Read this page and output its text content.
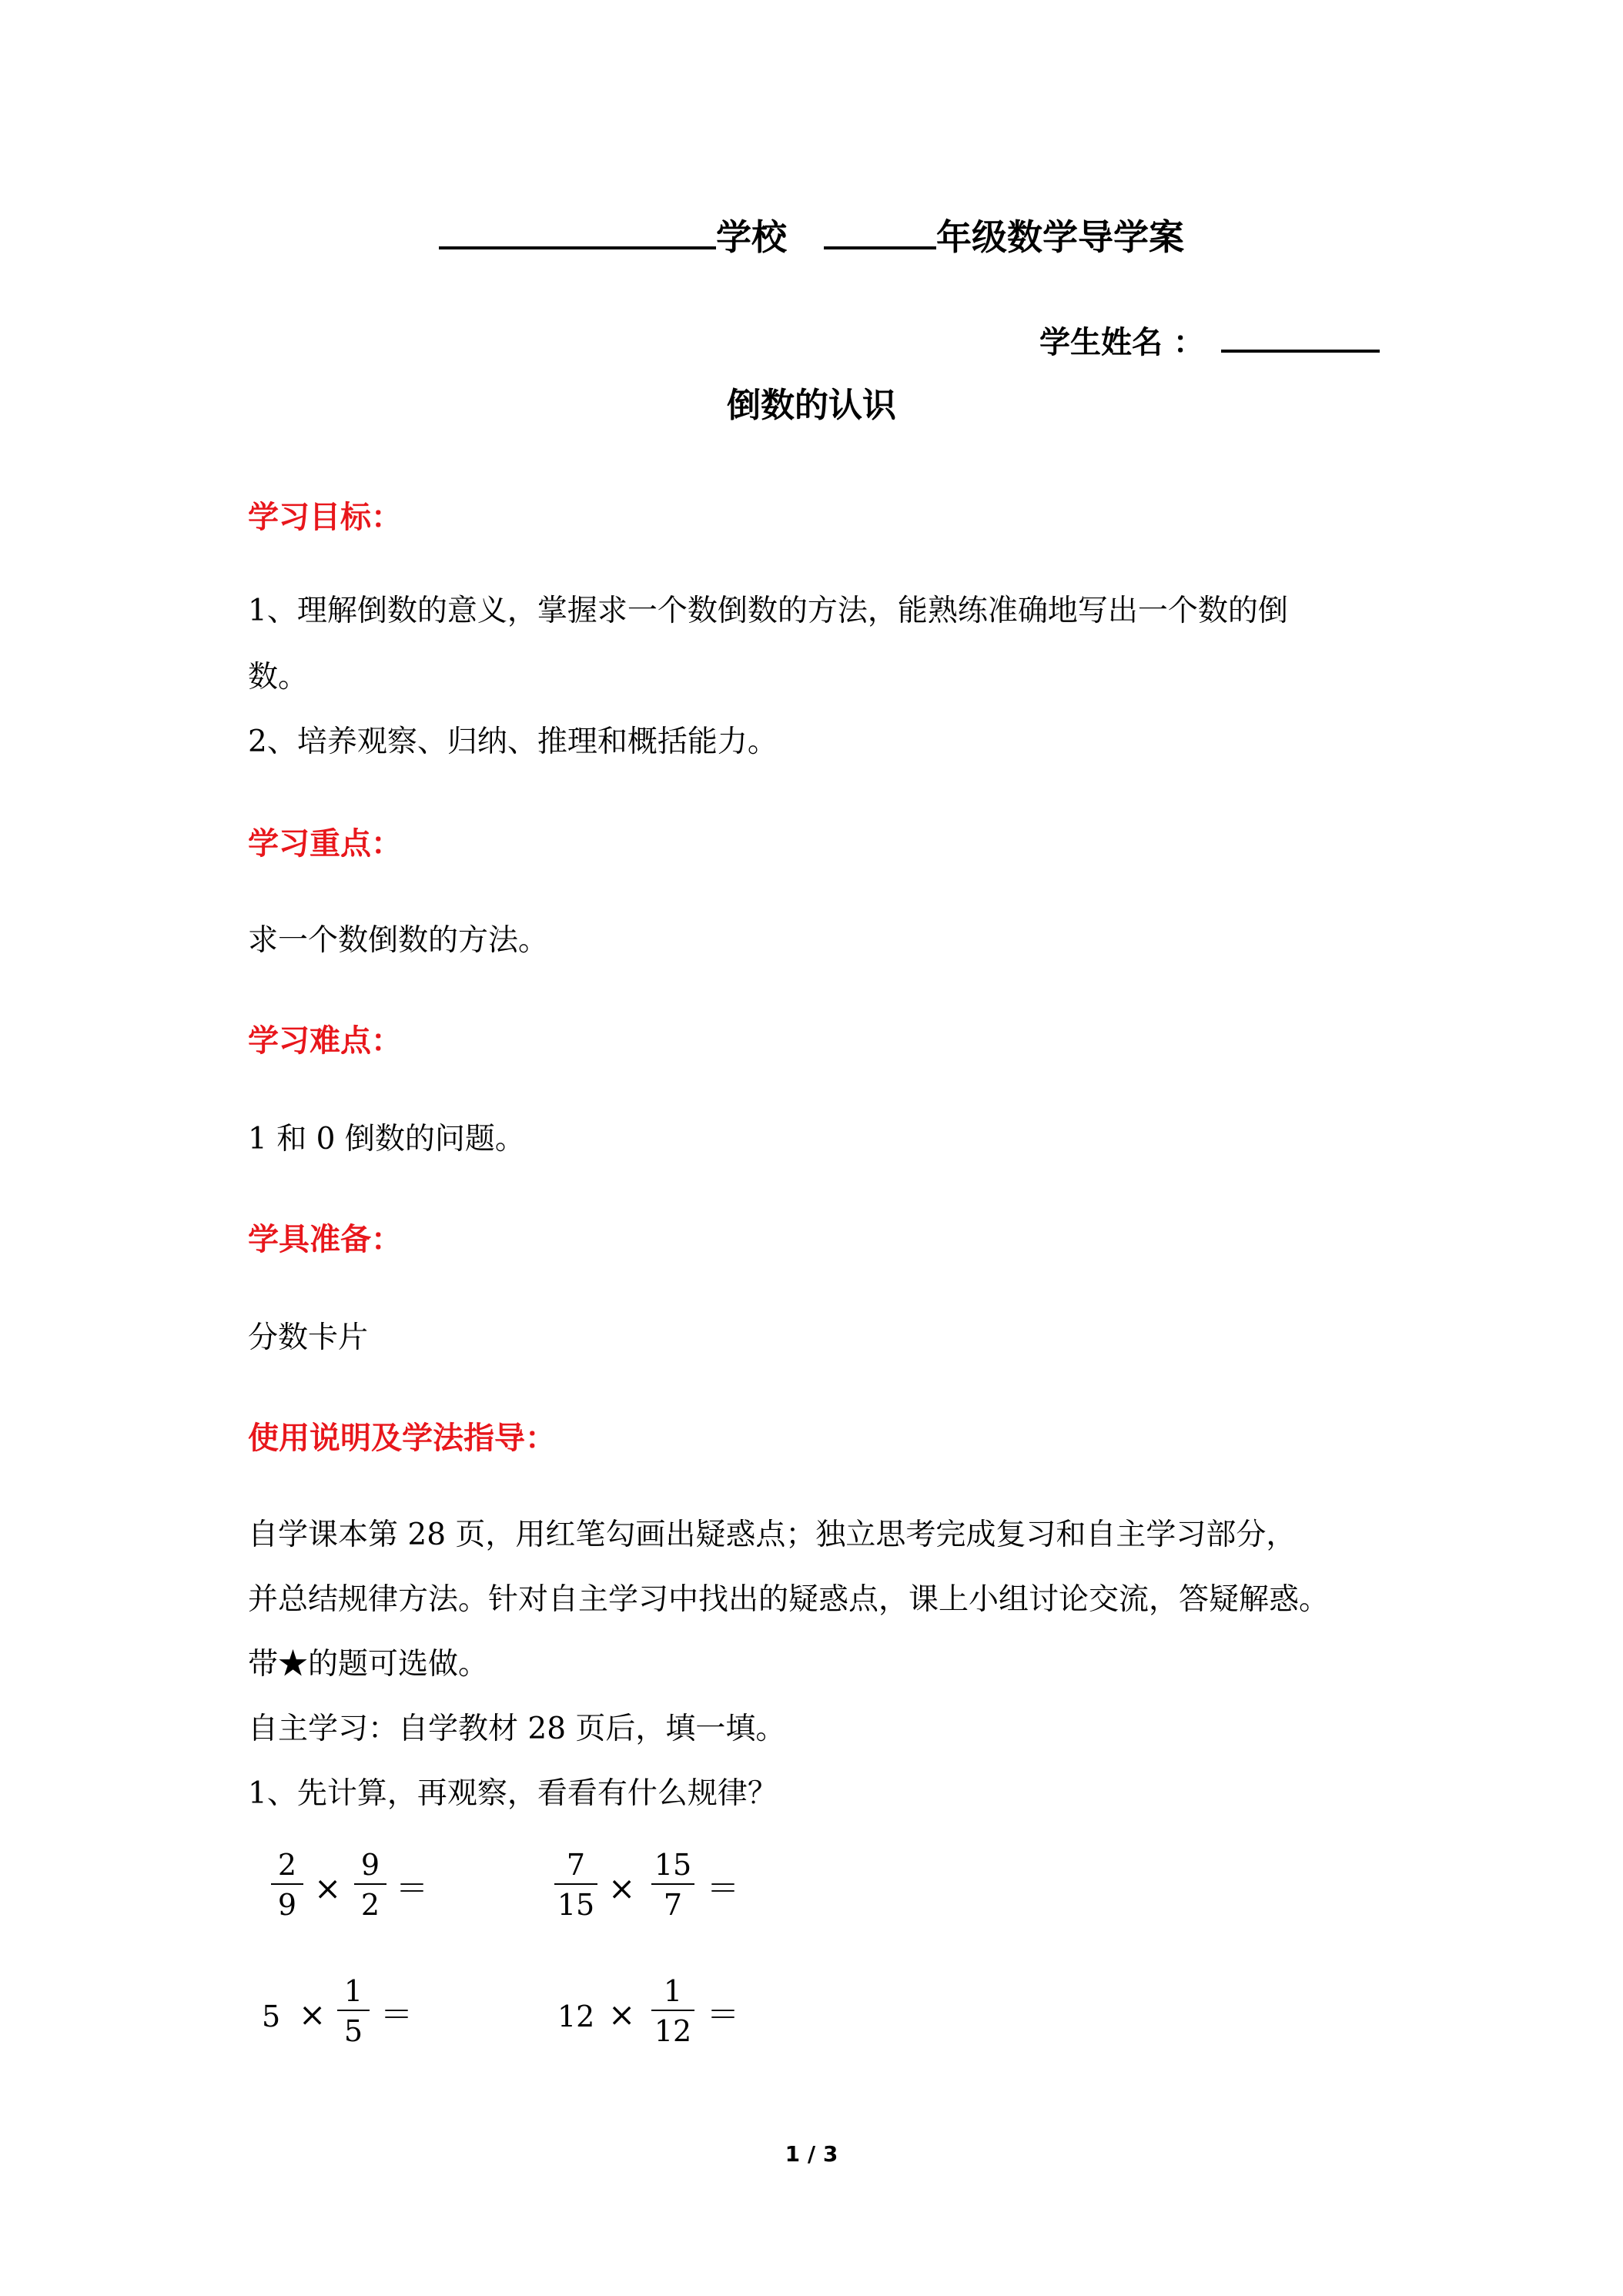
学校	年级数学导学案
学生姓名 ：
倒数的认识
学习目标：
1、理解倒数的意义，掌握求一个数倒数的方法，能熟练准确地写出一个数的倒
数。
2、培养观察、归纳、推理和概括能力。
学习重点：
求一个数倒数的方法。
学习难点：
1 和 0 倒数的问题。
学具准备：
分数卡片
使用说明及学法指导：
自学课本第 28 页，用红笔勾画出疑惑点；独立思考完成复习和自主学习部分，
并总结规律方法。针对自主学习中找出的疑惑点，课上小组讨论交流，答疑解惑。
带★的题可选做。
自主学习：自学教材 28 页后，填一填。
1、先计算，再观察，看看有什么规律？
2
9 ×
9
2 ＝
7
15 ×
15
7 ＝
5 ×
1
5 ＝	12 ×
1
12 ＝
1 / 3
